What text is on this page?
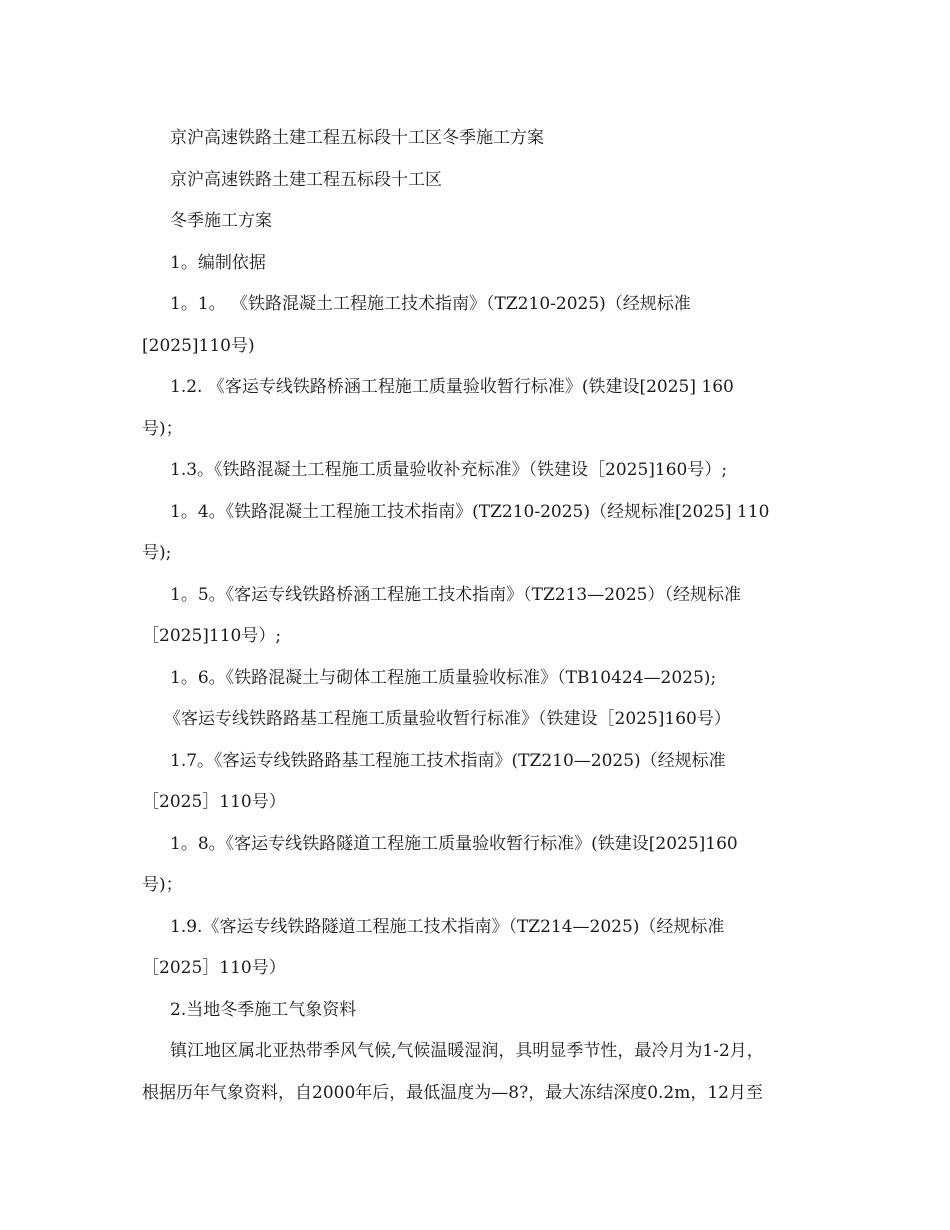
京沪高速铁路土建工程五标段十工区冬季施工方案
京沪高速铁路土建工程五标段十工区
冬季施工方案
1。编制依据
1。1。 《铁路混凝土工程施工技术指南》（TZ210-2025)（经规标准
[2025]110号)
1.2. 《客运专线铁路桥涵工程施工质量验收暂行标准》(铁建设[2025] 160
号)；
1.3。《铁路混凝土工程施工质量验收补充标准》（铁建设［2025]160号）;
1。4。《铁路混凝土工程施工技术指南》(TZ210-2025)（经规标准[2025] 110
号);
1。5。《客运专线铁路桥涵工程施工技术指南》（TZ213—2025）（经规标准
［2025]110号）;
1。6。《铁路混凝土与砌体工程施工质量验收标准》（TB10424—2025);
《客运专线铁路路基工程施工质量验收暂行标准》（铁建设［2025]160号）
1.7。《客运专线铁路路基工程施工技术指南》(TZ210—2025)（经规标准
［2025］110号）
1。8。《客运专线铁路隧道工程施工质量验收暂行标准》(铁建设[2025]160
号)；
1.9.《客运专线铁路隧道工程施工技术指南》（TZ214—2025)（经规标准
［2025］110号）
2.当地冬季施工气象资料
镇江地区属北亚热带季风气候,气候温暖湿润，具明显季节性，最冷月为1-2月，
根据历年气象资料，自2000年后，最低温度为—8?，最大冻结深度0.2m，12月至
